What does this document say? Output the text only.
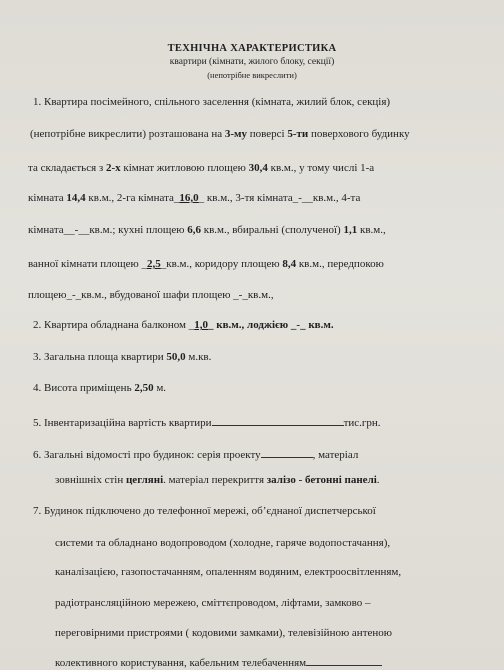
ТЕХНІЧНА ХАРАКТЕРИСТИКА
квартири (кімнати, жилого блоку, секції)
(непотрібне викреслити)
1. Квартира посімейного, спільного заселення (кімната, жилий блок, секція)
(непотрібне викреслити) розташована на 3-му поверсі 5-ти поверхового будинку
та складається з 2-х кімнат житловою площею 30,4 кв.м., у тому числі 1-а
кімната 14,4 кв.м., 2-га кімната_16,0_ кв.м., 3-тя кімната_-__кв.м., 4-та
кімната__-__кв.м.; кухні площею 6,6 кв.м., вбиральні (сполученої) 1,1 кв.м.,
ванної кімнати площею _2,5_кв.м., коридору площею 8,4 кв.м., передпокою
площею_-_кв.м., вбудованої шафи площею _-_кв.м.,
2. Квартира обладнана балконом _1,0_ кв.м., лоджією _-_ кв.м.
3. Загальна площа квартири 50,0 м.кв.
4. Висота приміщень 2,50 м.
5. Інвентаризаційна вартість квартири	тис.грн.
6. Загальні відомості про будинок: серія проекту	, матеріал
зовнішніх стін цегляні. матеріал перекриття залізо - бетонні панелі.
7. Будинок підключено до телефонної мережі, об’єднаної диспетчерської
системи та обладнано водопроводом (холодне, гаряче водопостачання),
каналізацією, газопостачанням, опаленням водяним, електроосвітленням,
радіотрансляційною мережею, сміттєпроводом, ліфтами, замково –
переговірними пристроями ( кодовими замками), телевізійною антеною
колективного користування, кабельним телебаченням
